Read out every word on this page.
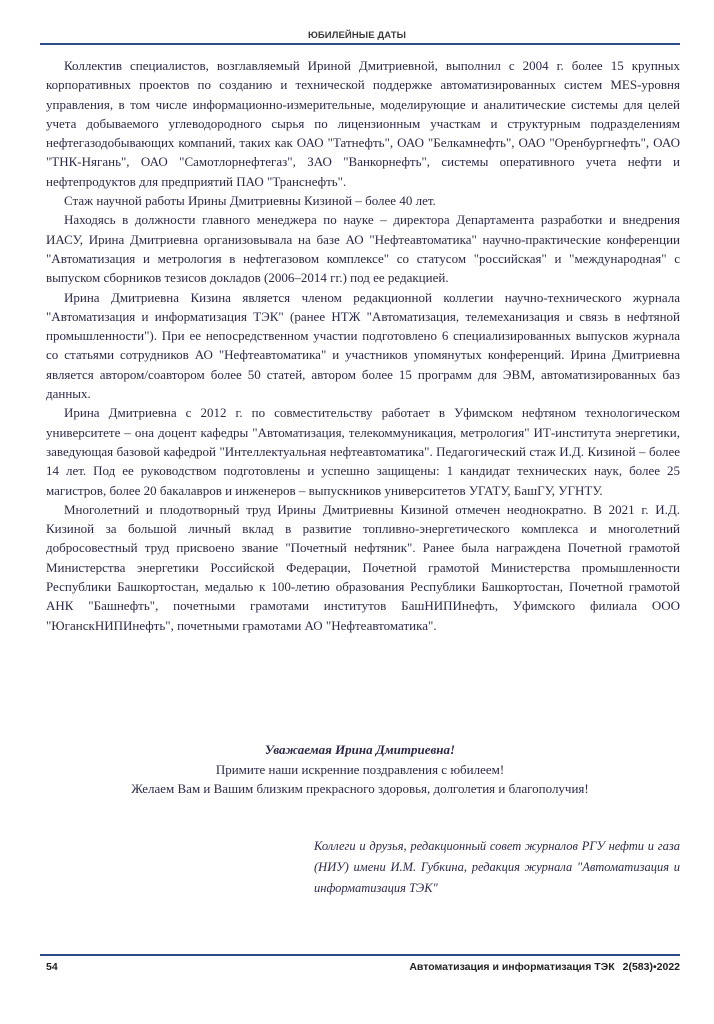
ЮБИЛЕЙНЫЕ ДАТЫ

Коллектив специалистов, возглавляемый Ириной Дмитриевной, выполнил с 2004 г. более 15 крупных корпоративных проектов по созданию и технической поддержке автоматизированных систем MES-уровня управления, в том числе информационно-измерительные, моделирующие и аналитические системы для целей учета добываемого углеводородного сырья по лицензионным участкам и структурным подразделениям нефтегазодобывающих компаний, таких как ОАО "Татнефть", ОАО "Белкамнефть", ОАО "Оренбургнефть", ОАО "ТНК-Нягань", ОАО "Самотлорнефтегаз", ЗАО "Ванкорнефть", системы оперативного учета нефти и нефтепродуктов для предприятий ПАО "Транснефть".

Стаж научной работы Ирины Дмитриевны Кизиной – более 40 лет.

Находясь в должности главного менеджера по науке – директора Департамента разработки и внедрения ИАСУ, Ирина Дмитриевна организовывала на базе АО "Нефтеавтоматика" научно-практические конференции "Автоматизация и метрология в нефтегазовом комплексе" со статусом "российская" и "международная" с выпуском сборников тезисов докладов (2006–2014 гг.) под ее редакцией.

Ирина Дмитриевна Кизина является членом редакционной коллегии научно-технического журнала "Автоматизация и информатизация ТЭК" (ранее НТЖ "Автоматизация, телемеханизация и связь в нефтяной промышленности"). При ее непосредственном участии подготовлено 6 специализированных выпусков журнала со статьями сотрудников АО "Нефтеавтоматика" и участников упомянутых конференций. Ирина Дмитриевна является автором/соавтором более 50 статей, автором более 15 программ для ЭВМ, автоматизированных баз данных.

Ирина Дмитриевна с 2012 г. по совместительству работает в Уфимском нефтяном технологическом университете – она доцент кафедры "Автоматизация, телекоммуникация, метрология" ИТ-института энергетики, заведующая базовой кафедрой "Интеллектуальная нефтеавтоматика". Педагогический стаж И.Д. Кизиной – более 14 лет. Под ее руководством подготовлены и успешно защищены: 1 кандидат технических наук, более 25 магистров, более 20 бакалавров и инженеров – выпускников университетов УГАТУ, БашГУ, УГНТУ.

Многолетний и плодотворный труд Ирины Дмитриевны Кизиной отмечен неоднократно. В 2021 г. И.Д. Кизиной за большой личный вклад в развитие топливно-энергетического комплекса и многолетний добросовестный труд присвоено звание "Почетный нефтяник". Ранее была награждена Почетной грамотой Министерства энергетики Российской Федерации, Почетной грамотой Министерства промышленности Республики Башкортостан, медалью к 100-летию образования Республики Башкортостан, Почетной грамотой АНК "Башнефть", почетными грамотами институтов БашНИПИнефть, Уфимского филиала ООО "ЮганскНИПИнефть", почетными грамотами АО "Нефтеавтоматика".

Уважаемая Ирина Дмитриевна!
Примите наши искренние поздравления с юбилеем!
Желаем Вам и Вашим близким прекрасного здоровья, долголетия и благополучия!
Коллеги и друзья, редакционный совет журналов РГУ нефти и газа (НИУ) имени И.М. Губкина, редакция журнала "Автоматизация и информатизация ТЭК"
54	Автоматизация и информатизация ТЭК 2(583)•2022
